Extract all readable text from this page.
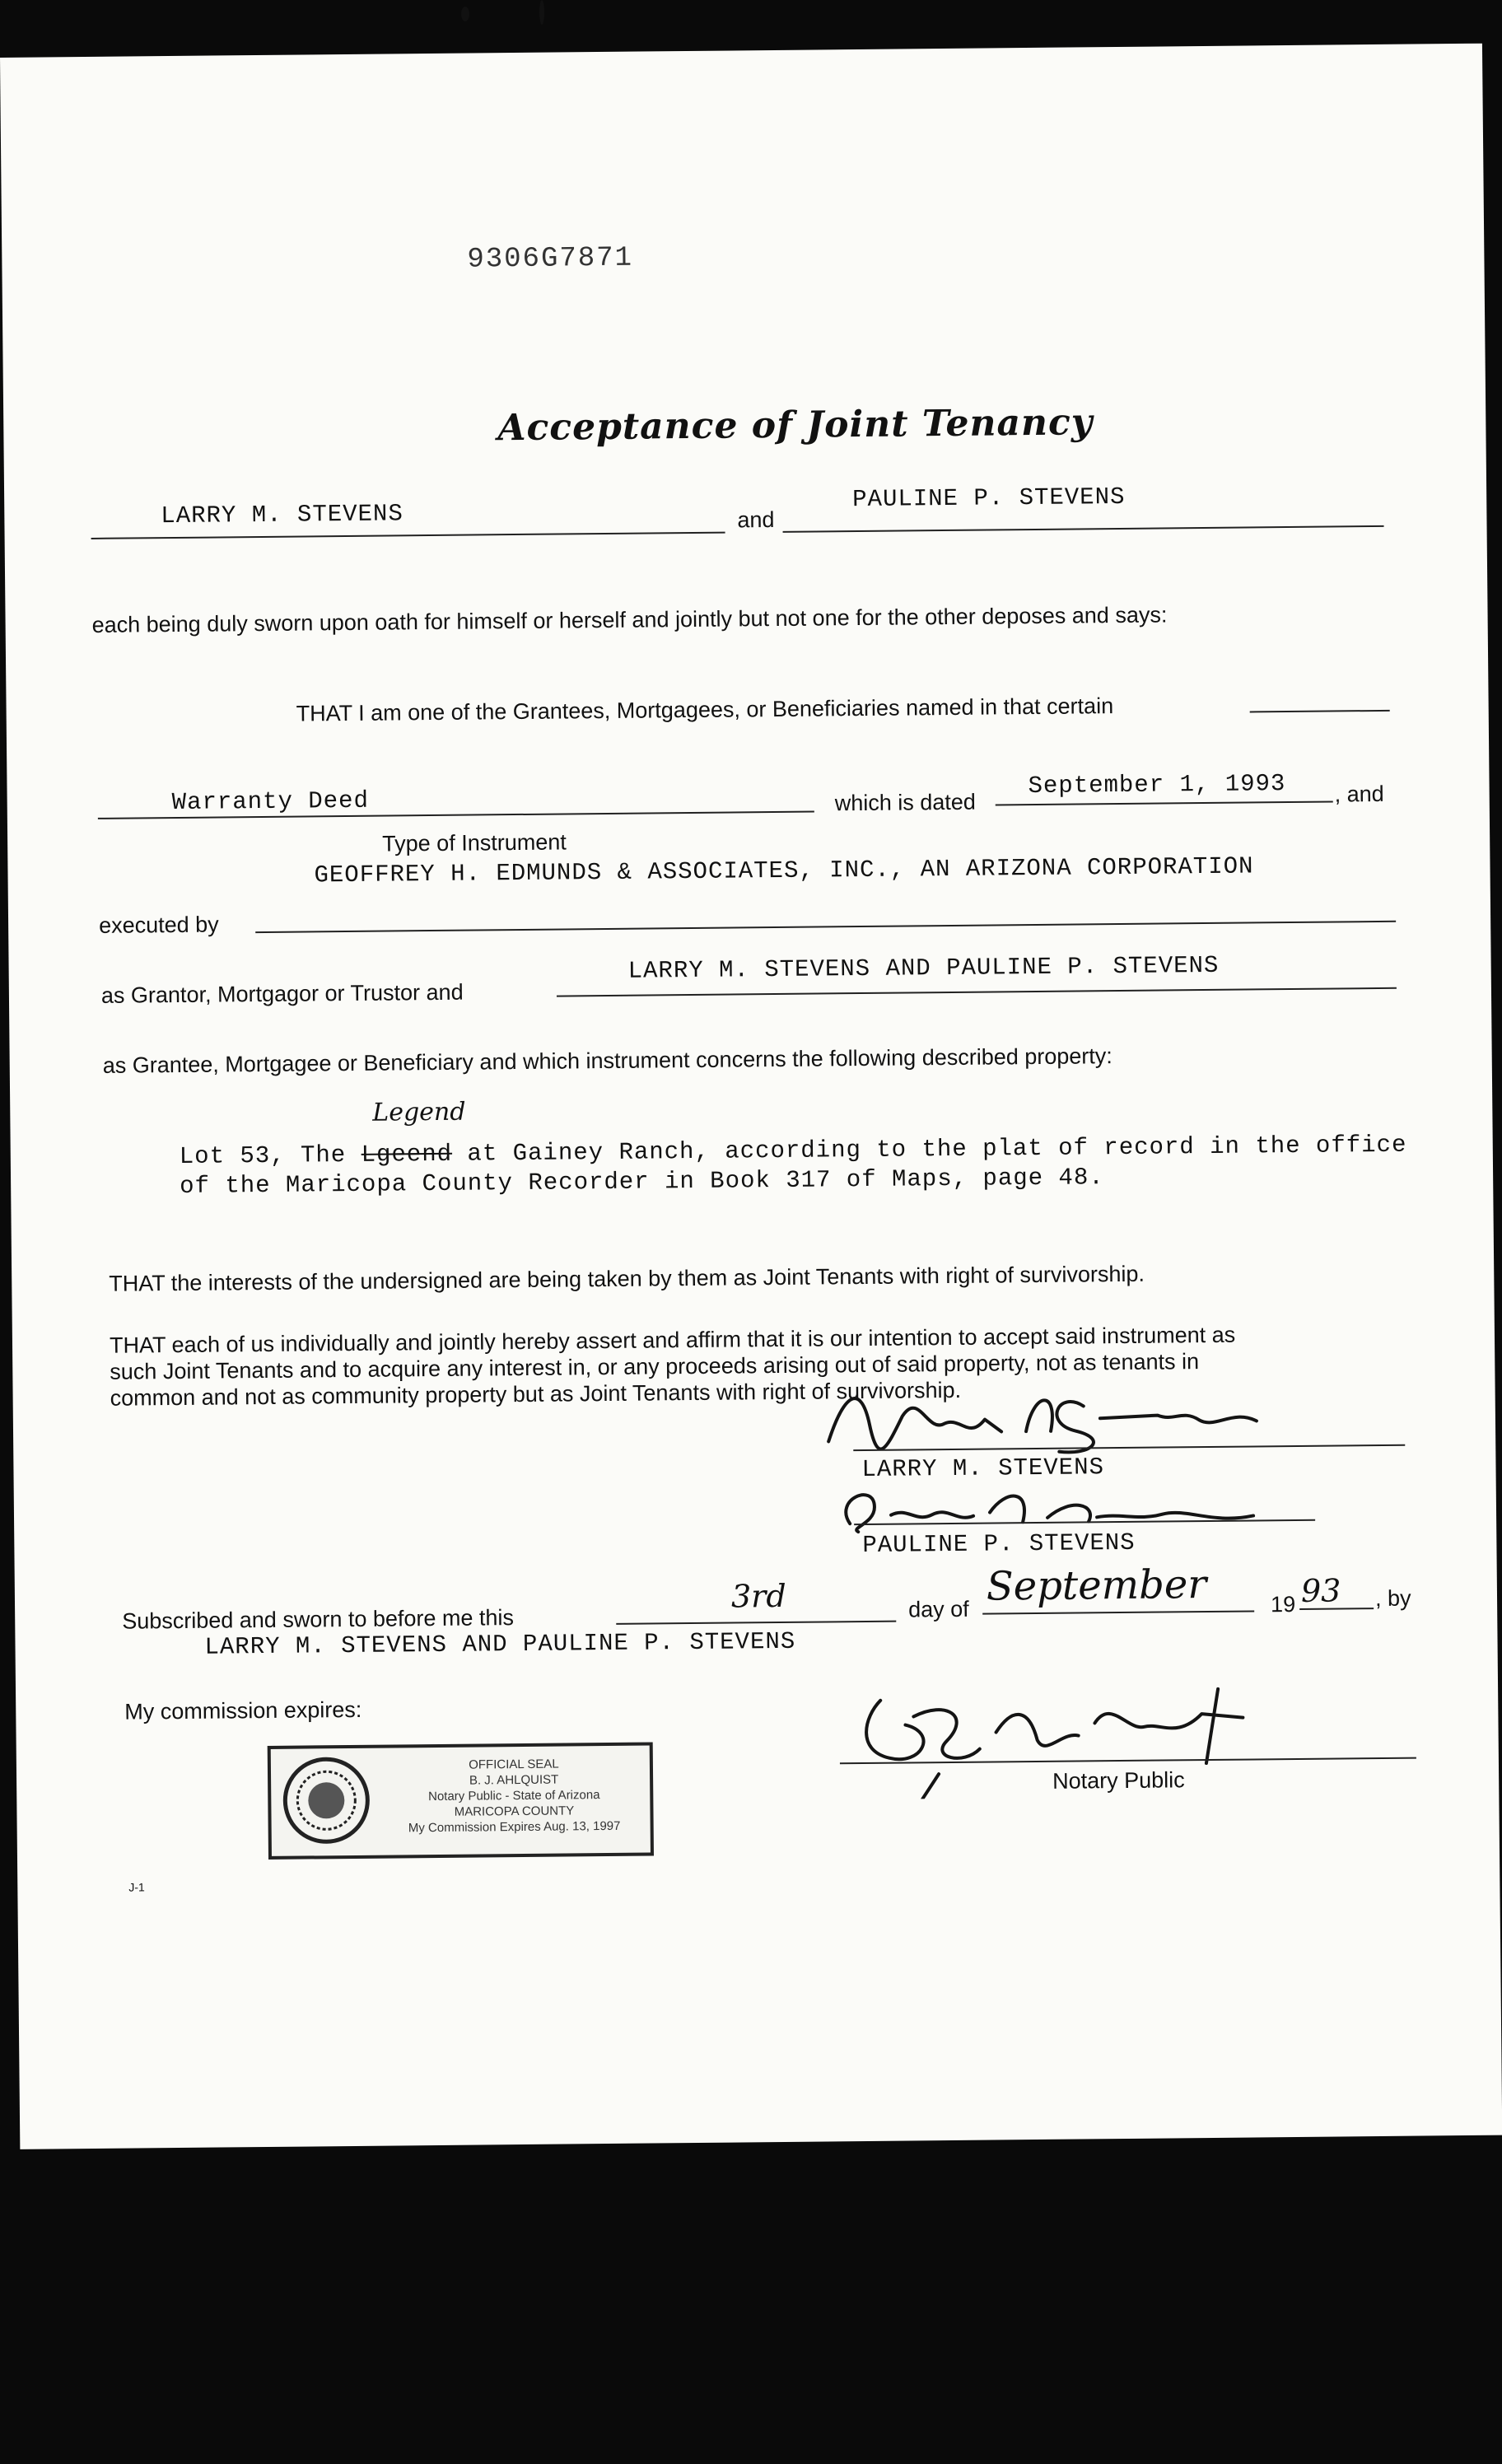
9306G7871
Acceptance of Joint Tenancy
LARRY M. STEVENS	and
PAULINE P. STEVENS
each being duly sworn upon oath for himself or herself and jointly but not one for the other deposes and says:
THAT I am one of the Grantees, Mortgagees, or Beneficiaries named in that certain
Warranty Deed	which is dated
September 1, 1993 , and
Type of Instrument
GEOFFREY H. EDMUNDS & ASSOCIATES, INC., AN ARIZONA CORPORATION
executed by
as Grantor, Mortgagor or Trustor and
LARRY M. STEVENS AND PAULINE P. STEVENS
as Grantee, Mortgagee or Beneficiary and which instrument concerns the following described property:
Legend
Lot 53, The Lgeend at Gainey Ranch, according to the plat of record in the office
of the Maricopa County Recorder in Book 317 of Maps, page 48.
THAT the interests of the undersigned are being taken by them as Joint Tenants with right of survivorship.
THAT each of us individually and jointly hereby assert and affirm that it is our intention to accept said instrument as
such Joint Tenants and to acquire any interest in, or any proceeds arising out of said property, not as tenants in
common and not as community property but as Joint Tenants with right of survivorship.
LARRY M. STEVENS
PAULINE P. STEVENS
Subscribed and sworn to before me this
3rd	day of September	19 93 , by
LARRY M. STEVENS AND PAULINE P. STEVENS
My commission expires:
OFFICIAL SEAL
B. J. AHLQUIST
Notary Public - State of Arizona
MARICOPA COUNTY
My Commission Expires Aug. 13, 1997
Notary Public
J-1
